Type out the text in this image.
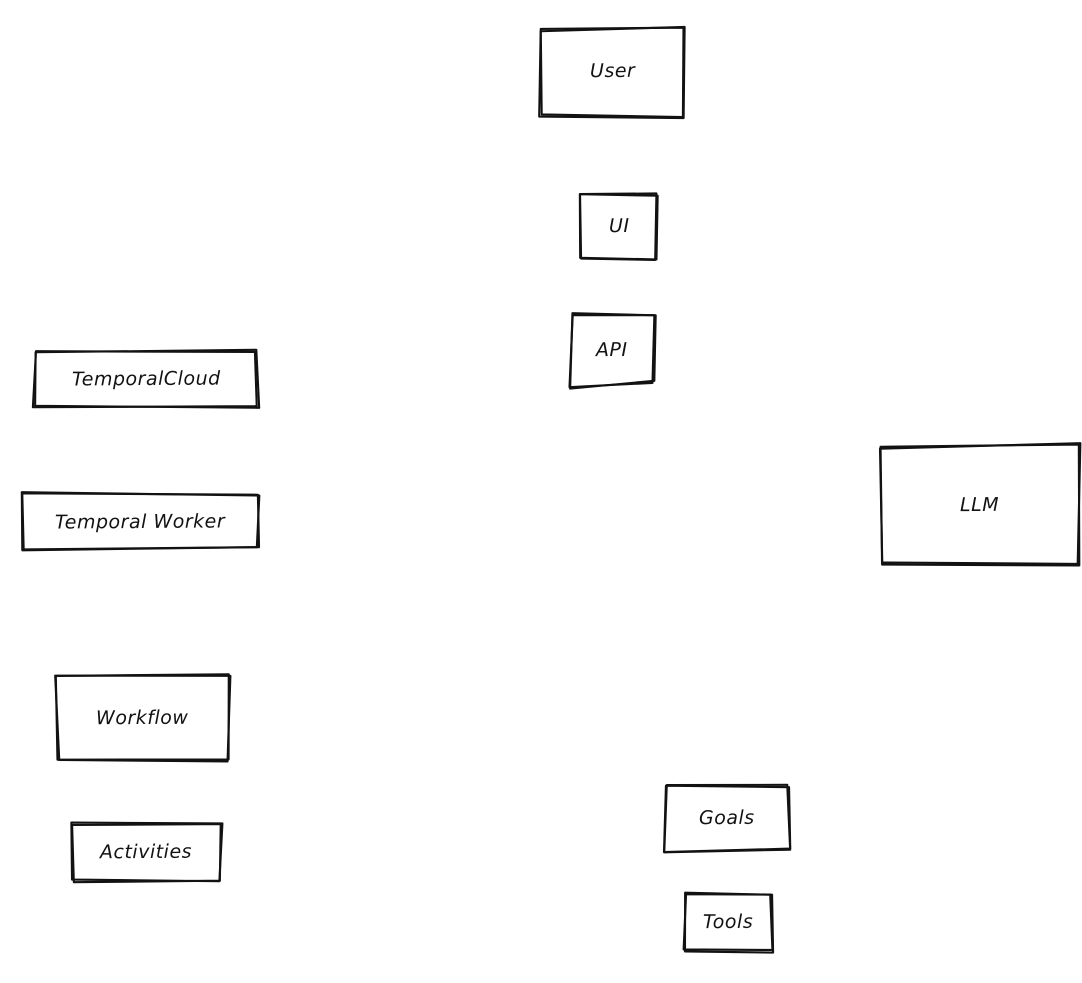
User
UI
API
TemporalCloud
Temporal Worker
LLM
Workflow
Activities
Goals
Tools
